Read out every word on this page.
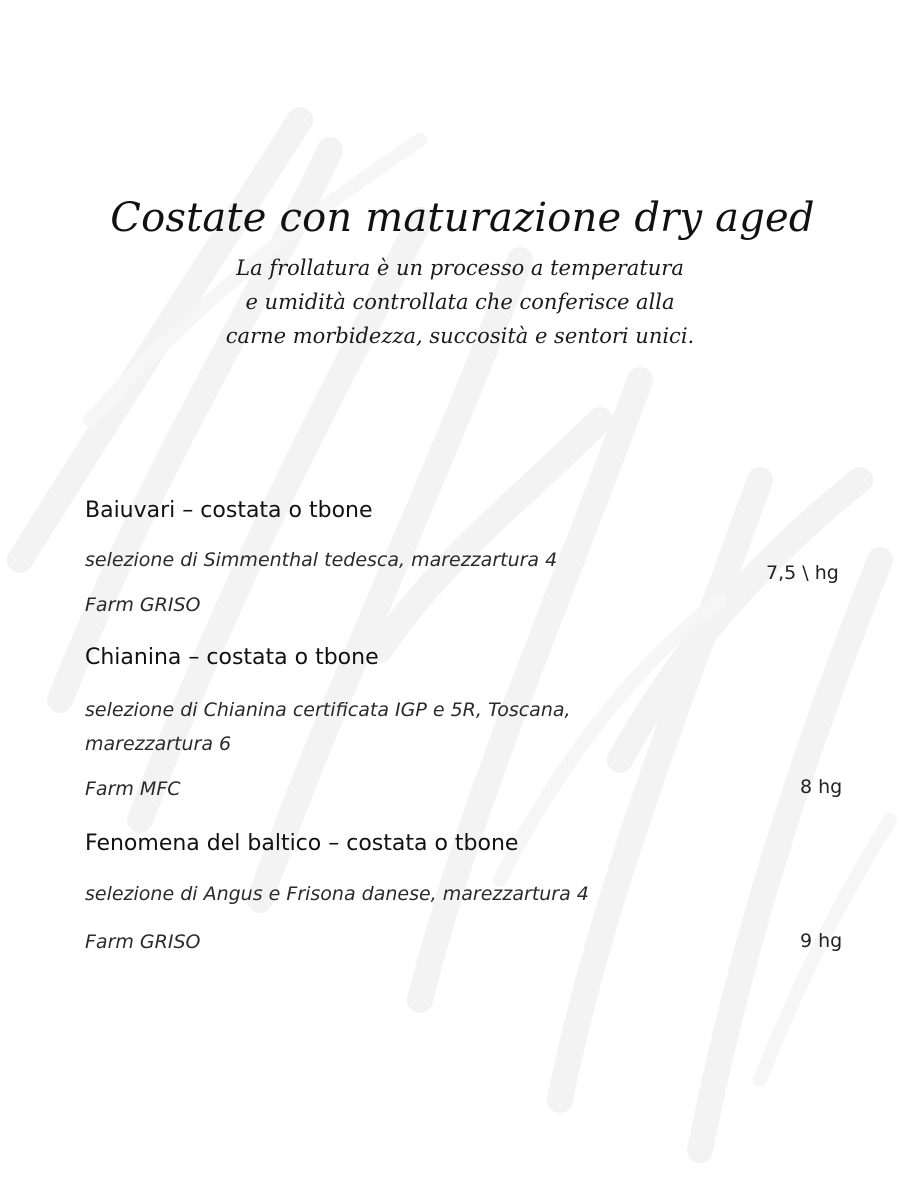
Costate con maturazione dry aged
La frollatura è un processo a temperatura
e umidità controllata che conferisce alla
carne morbidezza, succosità e sentori unici.
Baiuvari – costata o tbone
selezione di Simmenthal tedesca, marezzartura 4
Farm GRISO
7,5 \ hg
Chianina – costata o tbone
selezione di Chianina certificata IGP e 5R, Toscana,
marezzartura 6
Farm MFC	8 hg
Fenomena del baltico – costata o tbone
selezione di Angus e Frisona danese, marezzartura 4
Farm GRISO	9 hg
